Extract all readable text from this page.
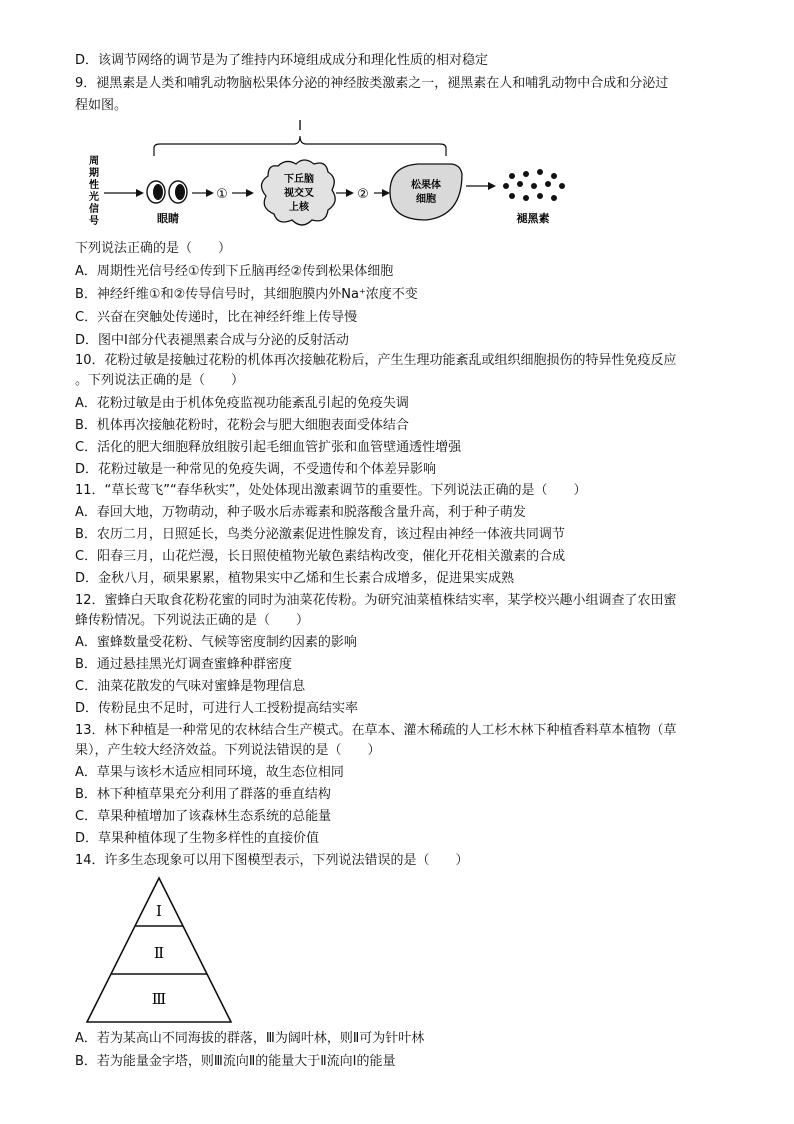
D．该调节网络的调节是为了维持内环境组成成分和理化性质的相对稳定
9．褪黑素是人类和哺乳动物脑松果体分泌的神经胺类激素之一，褪黑素在人和哺乳动物中合成和分泌过
程如图。
Ⅰ
周
期
性
光
信
号	眼睛
①
下丘脑
视交叉
上核
②
松果体
细胞
褪黑素
下列说法正确的是（　　）
A．周期性光信号经①传到下丘脑再经②传到松果体细胞
B．神经纤维①和②传导信号时，其细胞膜内外Na⁺浓度不变
C．兴奋在突触处传递时，比在神经纤维上传导慢
D．图中Ⅰ部分代表褪黑素合成与分泌的反射活动
10．花粉过敏是接触过花粉的机体再次接触花粉后，产生生理功能紊乱或组织细胞损伤的特异性免疫反应
。下列说法正确的是（　　）
A．花粉过敏是由于机体免疫监视功能紊乱引起的免疫失调
B．机体再次接触花粉时，花粉会与肥大细胞表面受体结合
C．活化的肥大细胞释放组胺引起毛细血管扩张和血管壁通透性增强
D．花粉过敏是一种常见的免疫失调，不受遗传和个体差异影响
11．“草长莺飞”“春华秋实”，处处体现出激素调节的重要性。下列说法正确的是（　　）
A．春回大地，万物萌动，种子吸水后赤霉素和脱落酸含量升高，利于种子萌发
B．农历二月，日照延长，鸟类分泌激素促进性腺发育，该过程由神经一体液共同调节
C．阳春三月，山花烂漫，长日照使植物光敏色素结构改变，催化开花相关激素的合成
D．金秋八月，硕果累累，植物果实中乙烯和生长素合成增多，促进果实成熟
12．蜜蜂白天取食花粉花蜜的同时为油菜花传粉。为研究油菜植株结实率，某学校兴趣小组调查了农田蜜
蜂传粉情况。下列说法正确的是（　　）
A．蜜蜂数量受花粉、气候等密度制约因素的影响
B．通过悬挂黑光灯调查蜜蜂种群密度
C．油菜花散发的气味对蜜蜂是物理信息
D．传粉昆虫不足时，可进行人工授粉提高结实率
13．林下种植是一种常见的农林结合生产模式。在草本、灌木稀疏的人工杉木林下种植香料草本植物（草
果），产生较大经济效益。下列说法错误的是（　　）
A．草果与该杉木适应相同环境，故生态位相同
B．林下种植草果充分利用了群落的垂直结构
C．草果种植增加了该森林生态系统的总能量
D．草果种植体现了生物多样性的直接价值
14．许多生态现象可以用下图模型表示，下列说法错误的是（　　）
Ⅰ
Ⅱ
Ⅲ
A．若为某高山不同海拔的群落，Ⅲ为阔叶林，则Ⅱ可为针叶林
B．若为能量金字塔，则Ⅲ流向Ⅱ的能量大于Ⅱ流向Ⅰ的能量
